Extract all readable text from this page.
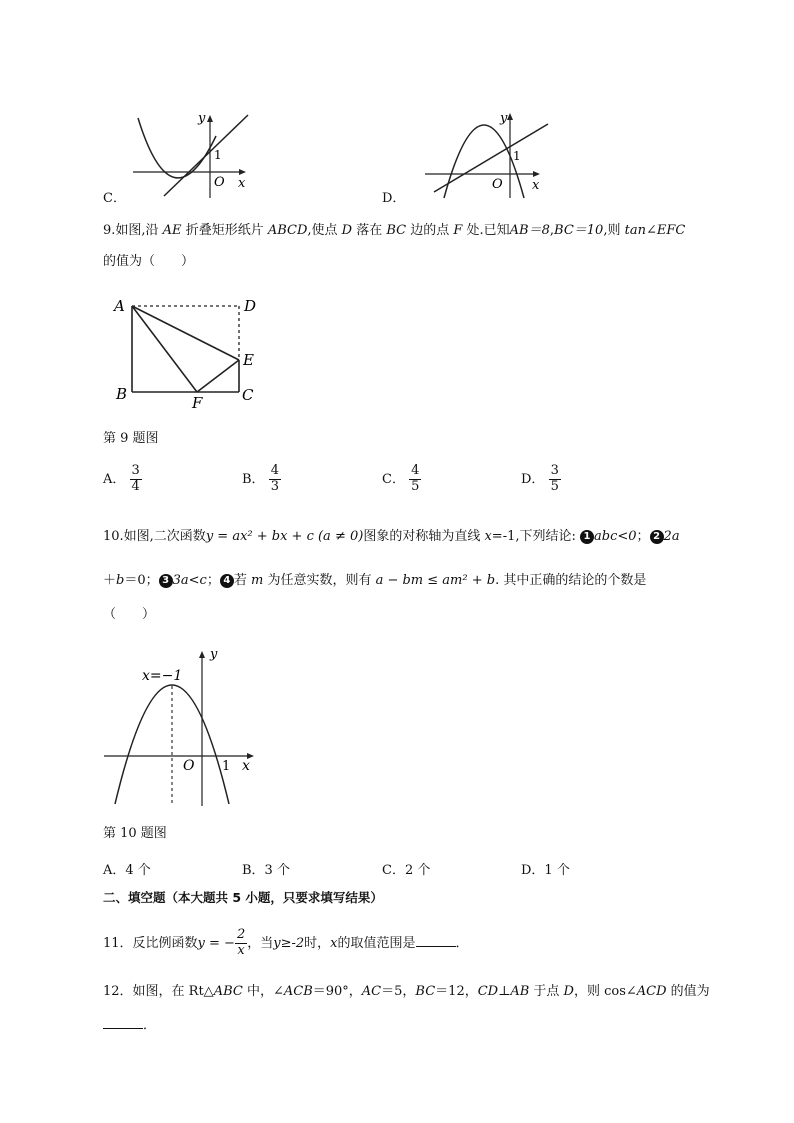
C．
y
1
O x
D．
y
1
O x
9.如图,沿 AE 折叠矩形纸片 ABCD,使点 D 落在 BC 边的点 F 处.已知AB＝8,BC＝10,则 tan∠EFC
的值为（　　）
A	D
E
B	F	C
第 9 题图
A． $\frac{3}{4}$	B． $\frac{4}{3}$	C． $\frac{4}{5}$	D． $\frac{3}{5}$
10.如图,二次函数y = ax² + bx + c (a ≠ 0)图象的对称轴为直线 x=-1,下列结论: 1 abc<0； 2 2a
＋b＝0； 3 3a<c； 4 若 m 为任意实数，则有 a − bm ≤ am² + b. 其中正确的结论的个数是
（　　）
x=−1
y
O 1 x
第 10 题图
A．4 个	B．3 个	C．2 个	D．1 个
二、填空题（本大题共 5 小题，只要求填写结果）
11．反比例函数y = − $\frac{2}{x}$ ，当y≥-2时，x的取值范围是	．
12．如图，在 Rt△ABC 中，∠ACB＝90°，AC＝5，BC＝12，CD⊥AB 于点 D，则 cos∠ACD 的值为
．
